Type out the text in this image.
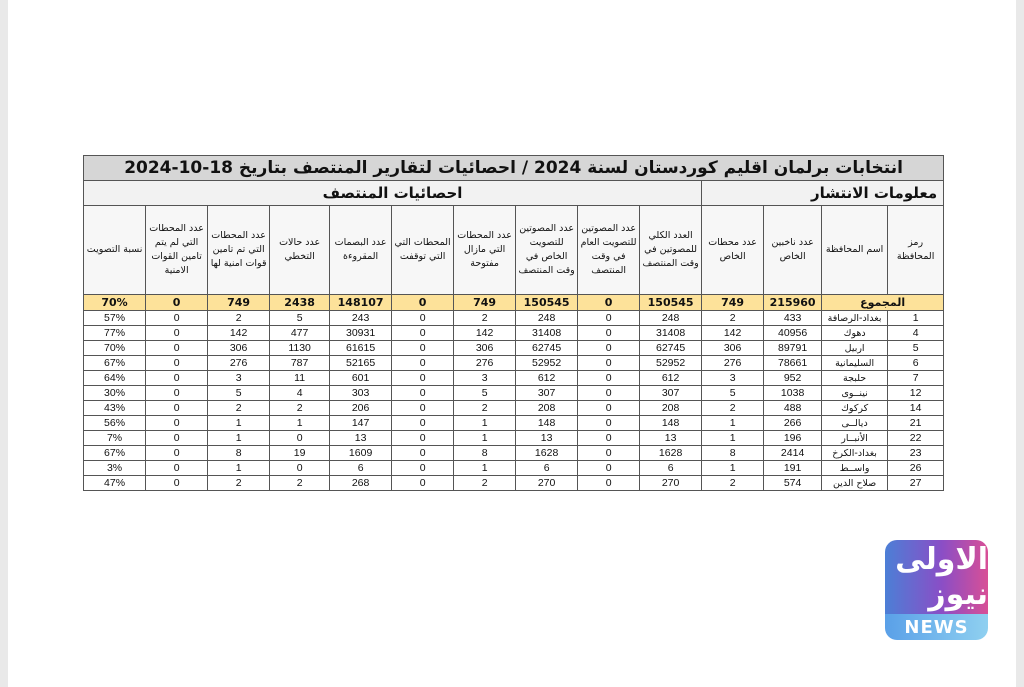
انتخابات برلمان اقليم كوردستان لسنة 2024 / احصائيات لتقارير المنتصف بتاريخ 18-10-2024													
معلومات الانتشار				احصائيات المنتصف									
رمز المحافظة	اسم المحافظة	عدد ناخبين الخاص	عدد محطات الخاص	العدد الكلي للمصوتين في وقت المنتصف	عدد المصوتين للتصويت العام في وقت المنتصف	عدد المصوتين للتصويت الخاص في وقت المنتصف	عدد المحطات التي مازال مفتوحة	المحطات التي التي توقفت	عدد البصمات المقروءة	عدد حالات التخطي	عدد المحطات التي تم تامين قوات امنية لها	عدد المحطات التي لم يتم تامين القوات الامنية	نسبة التصويت
المجموع		215960	749	150545	0	150545	749	0	148107	2438	749	0	70%
1	بغداد-الرصافة	433	2	248	0	248	2	0	243	5	2	0	57%
4	دهوك	40956	142	31408	0	31408	142	0	30931	477	142	0	77%
5	اربيل	89791	306	62745	0	62745	306	0	61615	1130	306	0	70%
6	السليمانية	78661	276	52952	0	52952	276	0	52165	787	276	0	67%
7	حلبجة	952	3	612	0	612	3	0	601	11	3	0	64%
12	نينــوى	1038	5	307	0	307	5	0	303	4	5	0	30%
14	كركوك	488	2	208	0	208	2	0	206	2	2	0	43%
21	ديالــى	266	1	148	0	148	1	0	147	1	1	0	56%
22	الأنبــار	196	1	13	0	13	1	0	13	0	1	0	7%
23	بغداد-الكرخ	2414	8	1628	0	1628	8	0	1609	19	8	0	67%
26	واســط	191	1	6	0	6	1	0	6	0	1	0	3%
27	صلاح الدين	574	2	270	0	270	2	0	268	2	2	0	47%
الاولى نيوز
NEWS
